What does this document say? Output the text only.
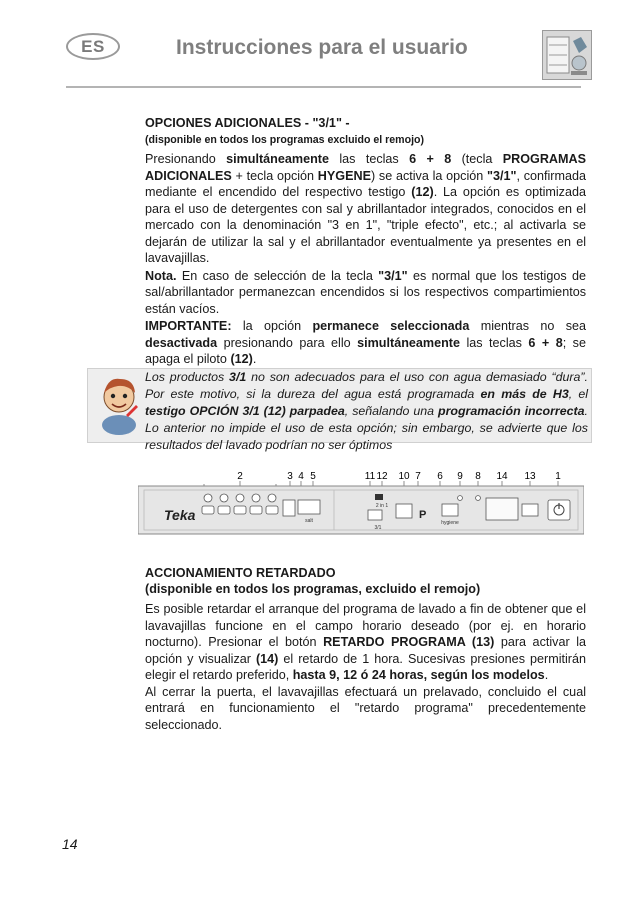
ES	Instrucciones para el usuario

OPCIONES ADICIONALES - "3/1" -

(disponible en todos los programas excluido el remojo)

Presionando simultáneamente las teclas 6 + 8 (tecla PROGRAMAS ADICIONALES + tecla opción HYGENE) se activa la opción "3/1", confirmada mediante el encendido del respectivo testigo (12). La opción es optimizada para el uso de detergentes con sal y abrillantador integrados, conocidos en el mercado con la denominación "3 en 1", "triple efecto", etc.; al activarla se dejarán de utilizar la sal y el abrillantador eventualmente ya presentes en el lavavajillas.

Nota. En caso de selección de la tecla "3/1" es normal que los testigos de sal/abrillantador permanezcan encendidos si los respectivos compartimientos están vacíos.

IMPORTANTE: la opción permanece seleccionada mientras no sea desactivada presionando para ello simultáneamente las teclas 6 + 8; se apaga el piloto (12).

Los productos 3/1 no son adecuados para el uso con agua demasiado “dura”. Por este motivo, si la dureza del agua está programada en más de H3, el testigo OPCIÓN 3/1 (12) parpadea, señalando una programación incorrecta. Lo anterior no impide el uso de esta opción; sin embargo, se advierte que los resultados del lavado podrían no ser óptimos
2	3 4 5	11 12 10 7 6 9 8 14 13 1
Teka	salt
2 in 1
3/1
P
hygiene

ACCIONAMIENTO RETARDADO

(disponible en todos los programas, excluido el remojo)

Es posible retardar el arranque del programa de lavado a fin de obtener que el lavavajillas funcione en el campo horario deseado (por ej. en horario nocturno). Presionar el botón RETARDO PROGRAMA (13) para activar la opción y visualizar (14) el retardo de 1 hora. Sucesivas presiones permitirán elegir el retardo preferido, hasta 9, 12 ó 24 horas, según los modelos.

Al cerrar la puerta, el lavavajillas efectuará un prelavado, concluido el cual entrará en funcionamiento el "retardo programa" precedentemente seleccionado.

14
